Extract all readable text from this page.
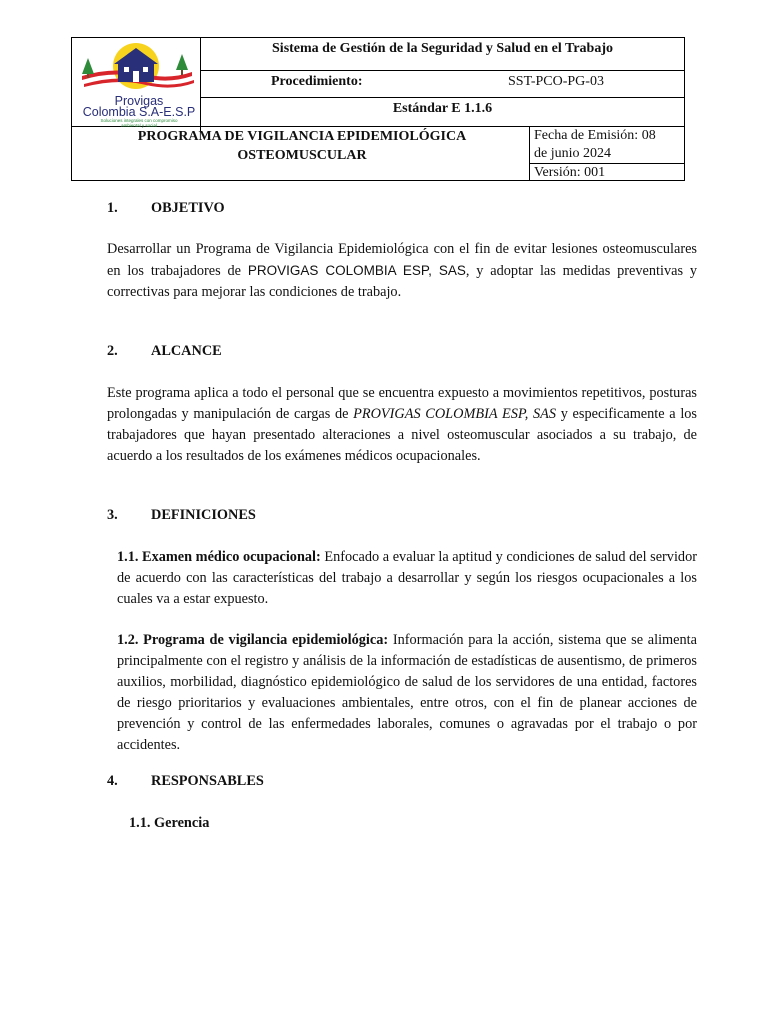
Provigas
Colombia S.A-E.S.P
Soluciones integrales con compromiso
ambiental y social
Sistema de Gestión de la Seguridad y Salud en el Trabajo
Procedimiento:	SST-PCO-PG-03
Estándar E 1.1.6
PROGRAMA DE VIGILANCIA EPIDEMIOLÓGICA
OSTEOMUSCULAR
Fecha de Emisión: 08
de junio 2024
Versión: 001
1. OBJETIVO
Desarrollar un Programa de Vigilancia Epidemiológica con el fin de evitar lesiones osteomusculares en los trabajadores de PROVIGAS COLOMBIA ESP, SAS, y adoptar las medidas preventivas y correctivas para mejorar las condiciones de trabajo.
2. ALCANCE
Este programa aplica a todo el personal que se encuentra expuesto a movimientos repetitivos, posturas prolongadas y manipulación de cargas de PROVIGAS COLOMBIA ESP, SAS y especificamente a los trabajadores que hayan presentado alteraciones a nivel osteomuscular asociados a su trabajo, de acuerdo a los resultados de los exámenes médicos ocupacionales.
3. DEFINICIONES
1.1. Examen médico ocupacional: Enfocado a evaluar la aptitud y condiciones de salud del servidor de acuerdo con las características del trabajo a desarrollar y según los riesgos ocupacionales a los cuales va a estar expuesto.
1.2. Programa de vigilancia epidemiológica: Información para la acción, sistema que se alimenta principalmente con el registro y análisis de la información de estadísticas de ausentismo, de primeros auxilios, morbilidad, diagnóstico epidemiológico de salud de los servidores de una entidad, factores de riesgo prioritarios y evaluaciones ambientales, entre otros, con el fin de planear acciones de prevención y control de las enfermedades laborales, comunes o agravadas por el trabajo o por accidentes.
4. RESPONSABLES
1.1. Gerencia
